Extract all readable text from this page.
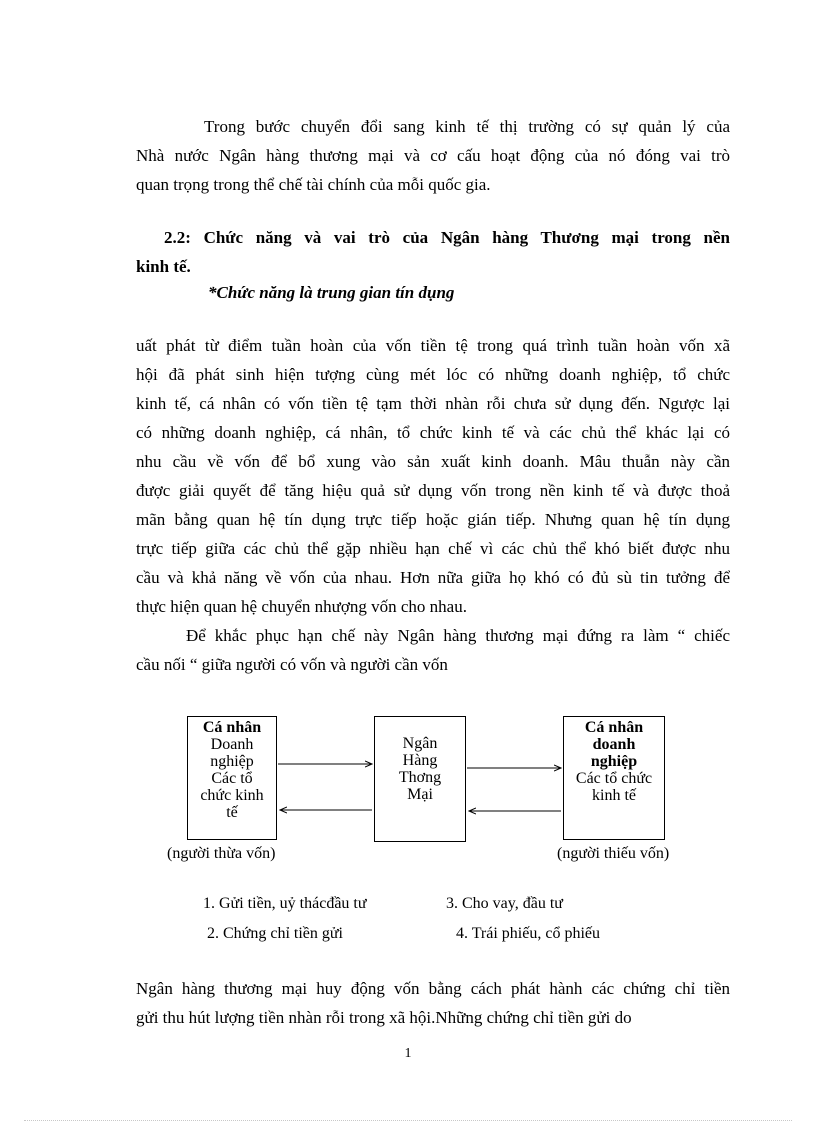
Trong bước chuyển đổi sang kinh tế thị trường có sự quản lý của

Nhà nước Ngân hàng thương mại và cơ cấu hoạt động của nó đóng vai trò

quan trọng trong thể chế tài chính của mỗi quốc gia.

2.2: Chức năng và vai trò của Ngân hàng Thương mại trong nền

kinh tế.

*Chức năng là trung gian tín dụng

uất phát từ điểm tuần hoàn của vốn tiền tệ trong quá trình tuần hoàn vốn xã

hội đã phát sinh hiện tượng cùng mét lóc có những doanh nghiệp, tổ chức

kinh tế, cá nhân có vốn tiền tệ tạm thời nhàn rỗi chưa sử dụng đến. Ngược lại

có những doanh nghiệp, cá nhân, tổ chức kinh tế và các chủ thể khác lại có

nhu cầu về vốn để bổ xung vào sản xuất kinh doanh. Mâu thuẫn này cần

được giải quyết để tăng hiệu quả sử dụng vốn trong nền kinh tế và được thoả

mãn bằng quan hệ tín dụng trực tiếp hoặc gián tiếp. Nhưng quan hệ tín dụng

trực tiếp giữa các chủ thể gặp nhiều hạn chế vì các chủ thể khó biết được nhu

cầu và khả năng về vốn của nhau. Hơn nữa giữa họ khó có đủ sù tin tưởng để

thực hiện quan hệ chuyển nhượng vốn cho nhau.

Để khắc phục hạn chế này Ngân hàng thương mại đứng ra làm “ chiếc

cầu nối “ giữa người có vốn và người cần vốn

Cá nhân
Doanh
nghiệp
Các tổ
chức kinh
tế
Ngân
Hàng
Thơng
Mại
Cá nhân
doanh
nghiệp
Các tổ chức
kinh tế
(người thừa vốn)	(người thiếu vốn)
1. Gửi tiền, uỷ thácđầu tư	3. Cho vay, đầu tư
2. Chứng chỉ tiền gửi	4. Trái phiếu, cổ phiếu

Ngân hàng thương mại huy động vốn bằng cách phát hành các chứng chỉ tiền

gửi thu hút lượng tiền nhàn rỗi trong xã hội.Những chứng chỉ tiền gửi do

1
